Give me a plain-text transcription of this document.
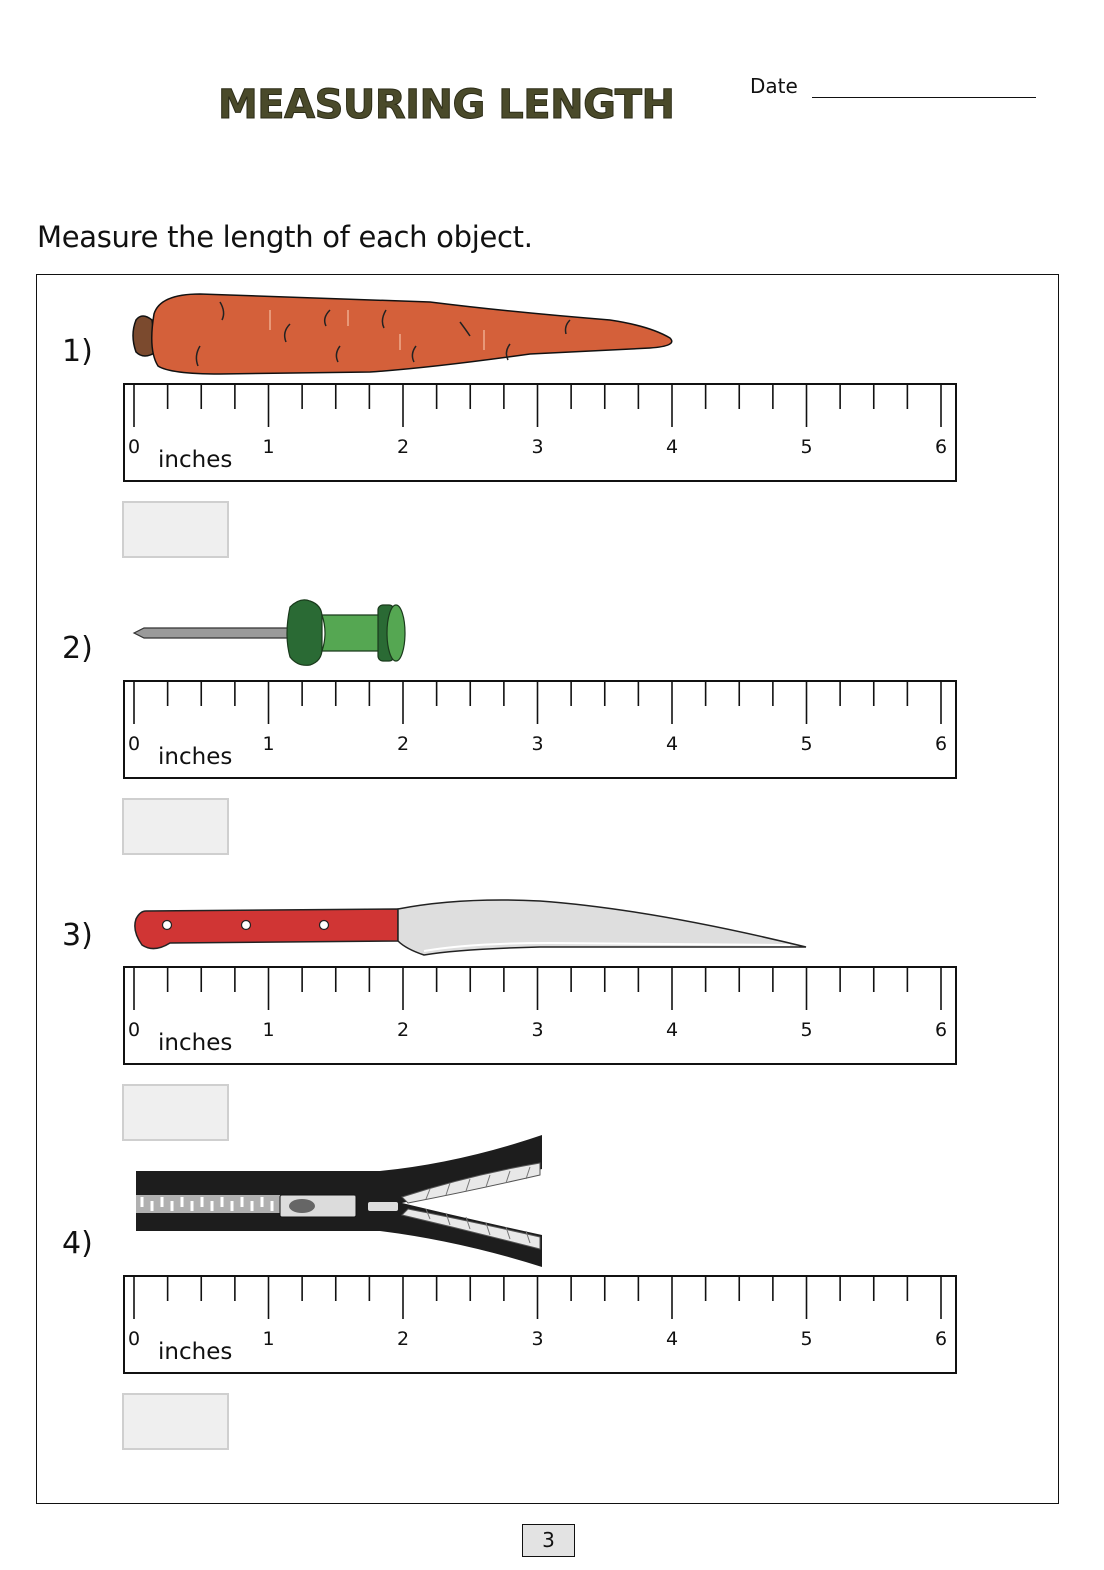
MEASURING LENGTH	Date
Measure the length of each object.
1)
0	1	2	3	4	5	6
inches
2)
0	1	2	3	4	5	6
inches
3)
0	1	2	3	4	5	6
inches
4)
0	1	2	3	4	5	6
inches
3
